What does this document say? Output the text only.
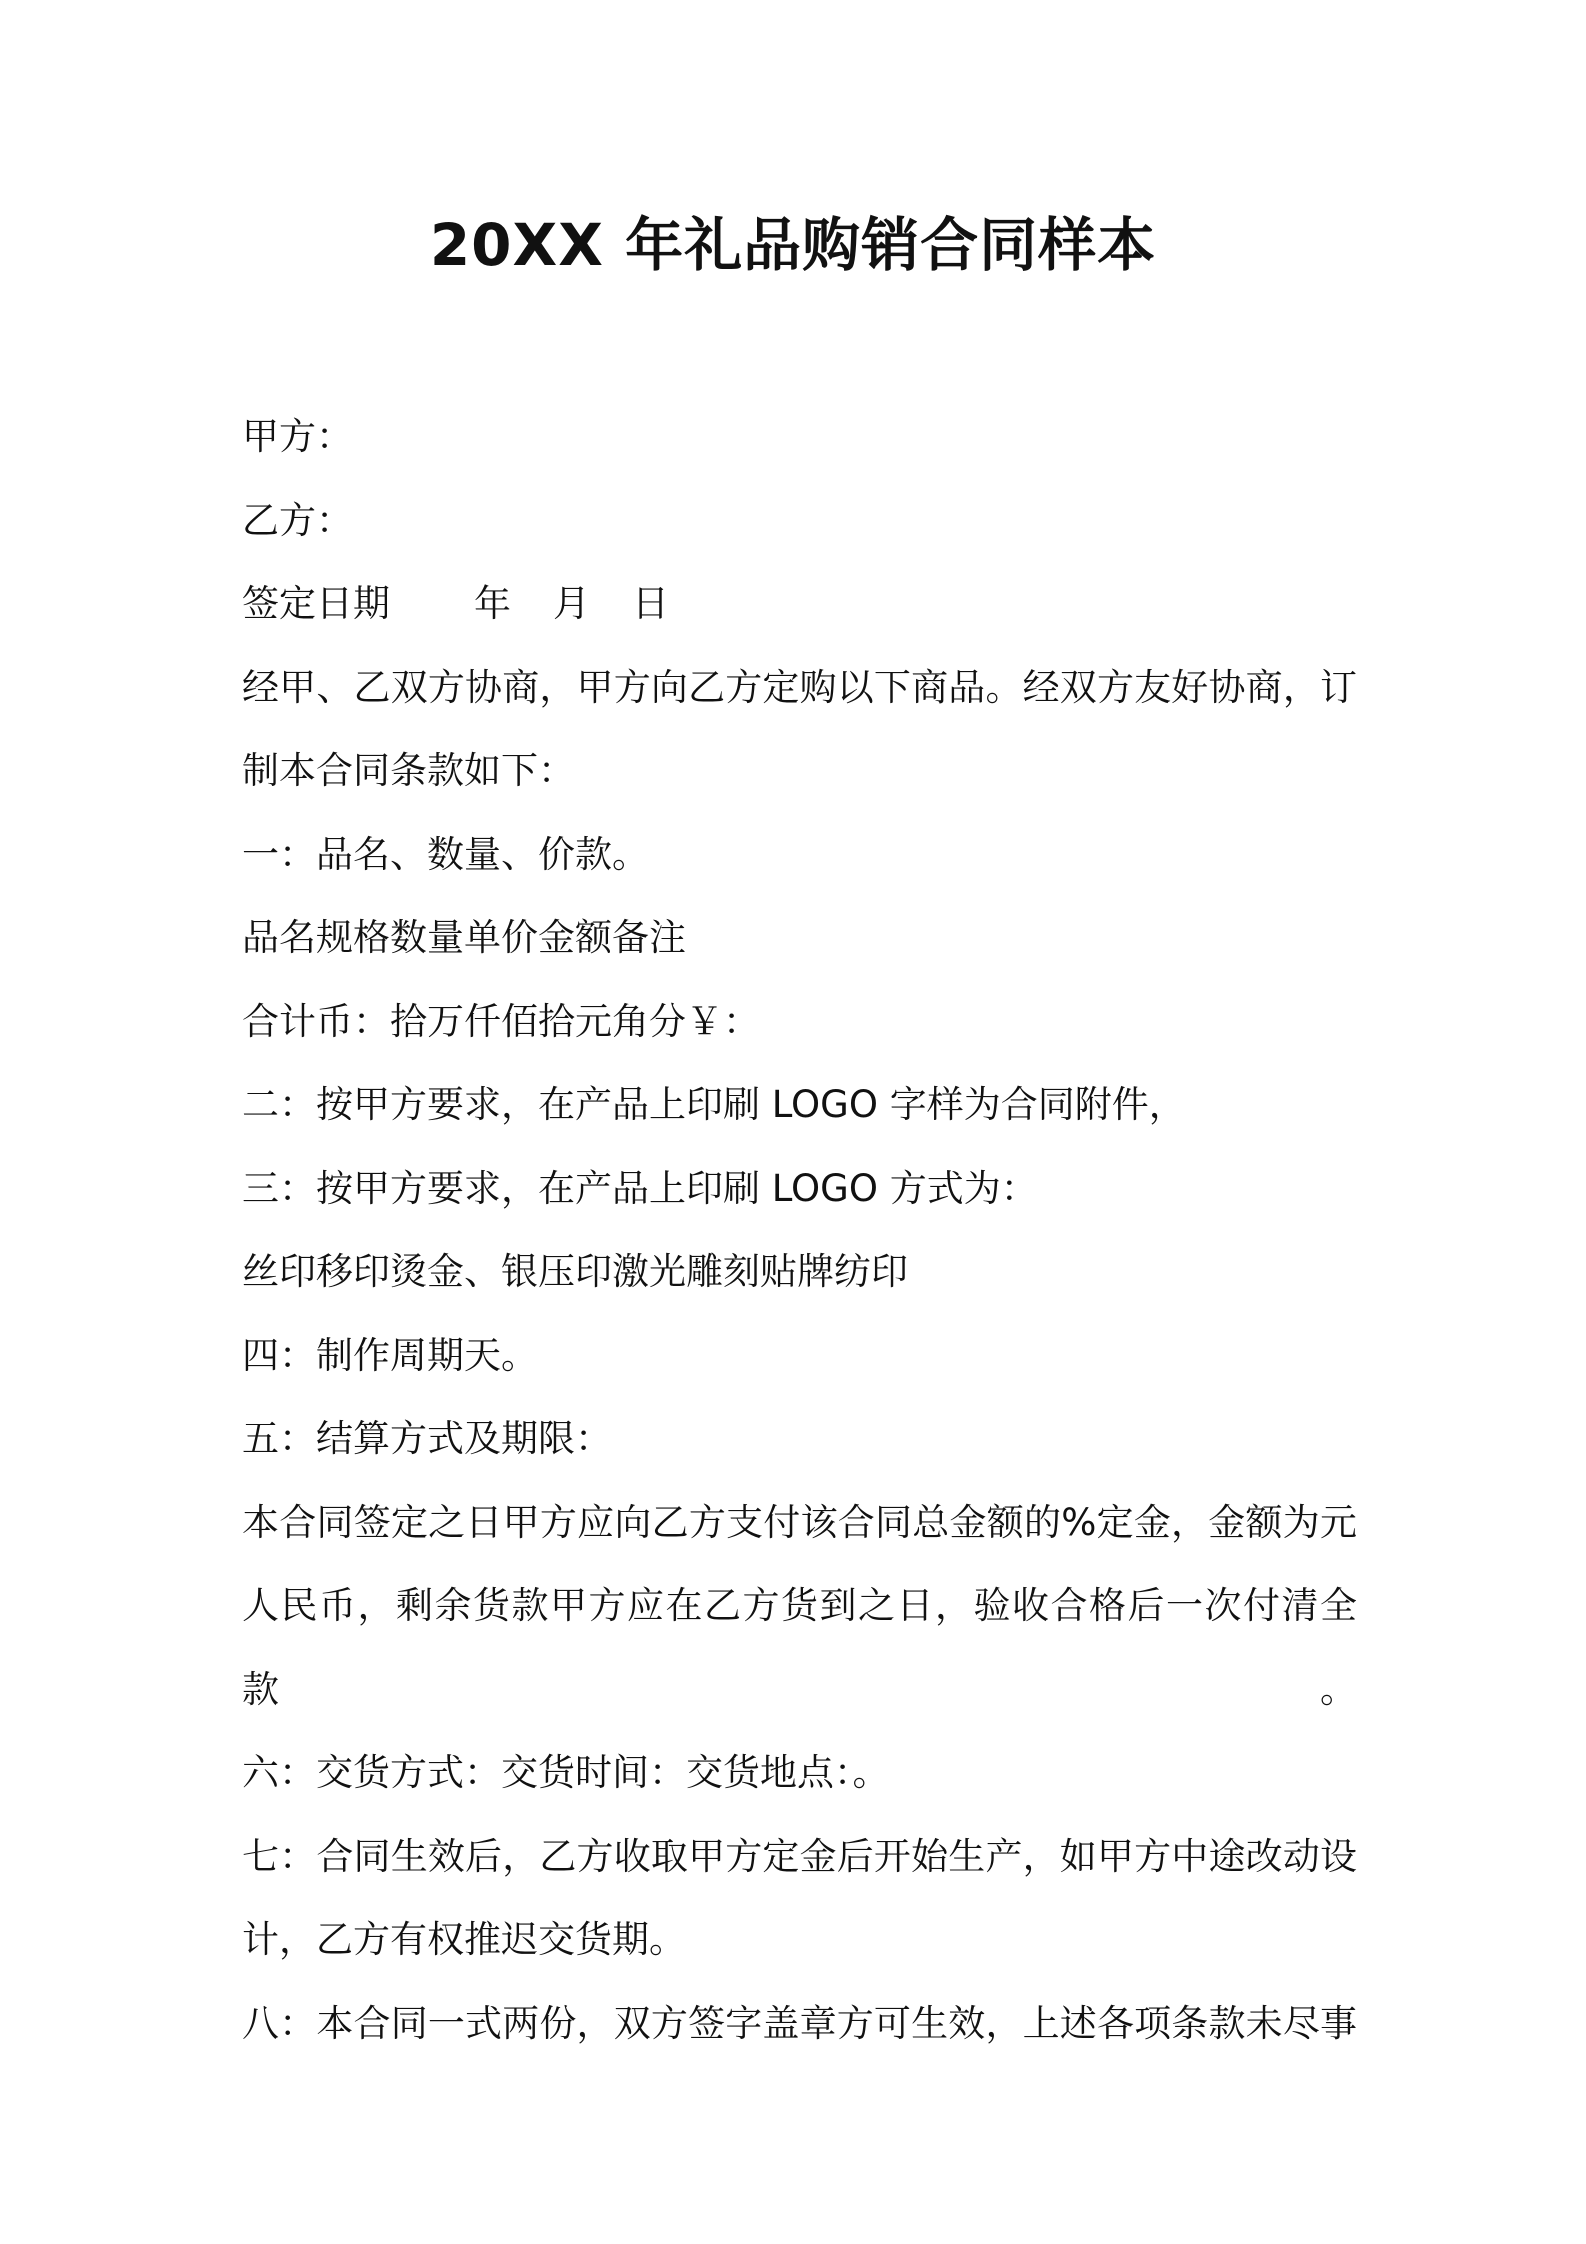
20XX 年礼品购销合同样本

甲方：

乙方：

签定日期 年 月 日

经甲、乙双方协商，甲方向乙方定购以下商品。经双方友好协商，订

制本合同条款如下：

一：品名、数量、价款。

品名规格数量单价金额备注

合计币：拾万仟佰拾元角分￥：

二：按甲方要求，在产品上印刷 LOGO 字样为合同附件，

三：按甲方要求，在产品上印刷 LOGO 方式为：

丝印移印烫金、银压印激光雕刻贴牌纺印

四：制作周期天。

五：结算方式及期限：

本合同签定之日甲方应向乙方支付该合同总金额的%定金，金额为元

人民币，剩余货款甲方应在乙方货到之日，验收合格后一次付清全款。

六：交货方式：交货时间：交货地点：。

七：合同生效后，乙方收取甲方定金后开始生产，如甲方中途改动设

计，乙方有权推迟交货期。

八：本合同一式两份，双方签字盖章方可生效，上述各项条款未尽事
